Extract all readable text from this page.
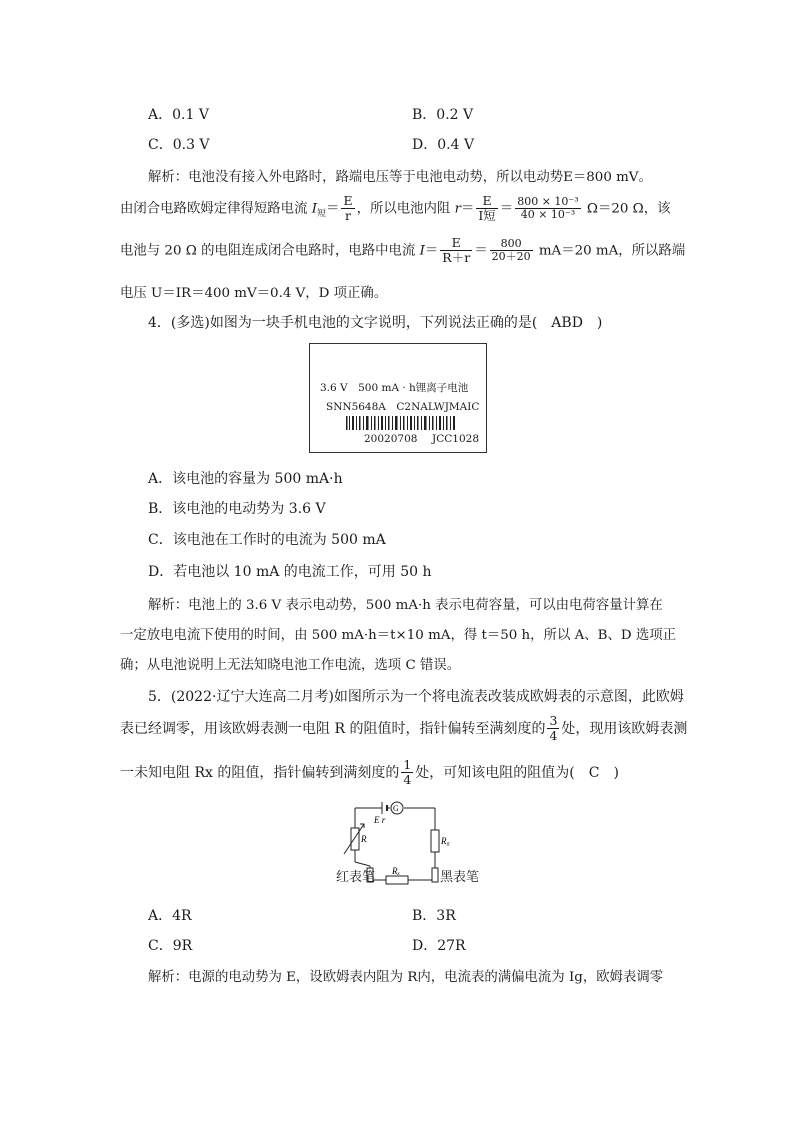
A．0.1 V	B．0.2 V
C．0.3 V	D．0.4 V
解析：电池没有接入外电路时，路端电压等于电池电动势，所以电动势E＝800 mV。
由闭合电路欧姆定律得短路电流 $I_短= \frac{E}{r}$ ，所以电池内阻 $r= \frac{E}{\text{I短}} = \frac{\text{800 × 10⁻³}}{\text{40 × 10⁻³}} \Omega=20$ Ω，该
电池与 20 Ω 的电阻连成闭合电路时，电路中电流 $I= \frac{E}{R+r} = \frac{800}{20+20} mA=20$ mA，所以路端
电压 U＝IR＝400 mV＝0.4 V，D 项正确。
4．(多选)如图为一块手机电池的文字说明，下列说法正确的是(　ABD　)
3.6 V　500 mA · h锂离子电池
SNN5648A　C2NALWJMAIC
20020708 JCC1028
A．该电池的容量为 500 mA·h
B．该电池的电动势为 3.6 V
C．该电池在工作时的电流为 500 mA
D．若电池以 10 mA 的电流工作，可用 50 h
解析：电池上的 3.6 V 表示电动势，500 mA·h 表示电荷容量，可以由电荷容量计算在
一定放电电流下使用的时间，由 500 mA·h＝t×10 mA，得 t＝50 h，所以 A、B、D 选项正
确；从电池说明上无法知晓电池工作电流，选项 C 错误。
5．(2022·辽宁大连高二月考)如图所示为一个将电流表改装成欧姆表的示意图，此欧姆
表已经调零，用该欧姆表测一电阻 R 的阻值时，指针偏转至满刻度的 $\frac{3}{4}$ 处，现用该欧姆表测
一未知电阻 Rx 的阻值，指针偏转到满刻度的 $\frac{1}{4}$ 处，可知该电阻的阻值为(　C　)
G
E r
R	R₀
Rₓ
红表笔	黑表笔
A．4R	B．3R
C．9R	D．27R
解析：电源的电动势为 E，设欧姆表内阻为 R内，电流表的满偏电流为 Ig，欧姆表调零
